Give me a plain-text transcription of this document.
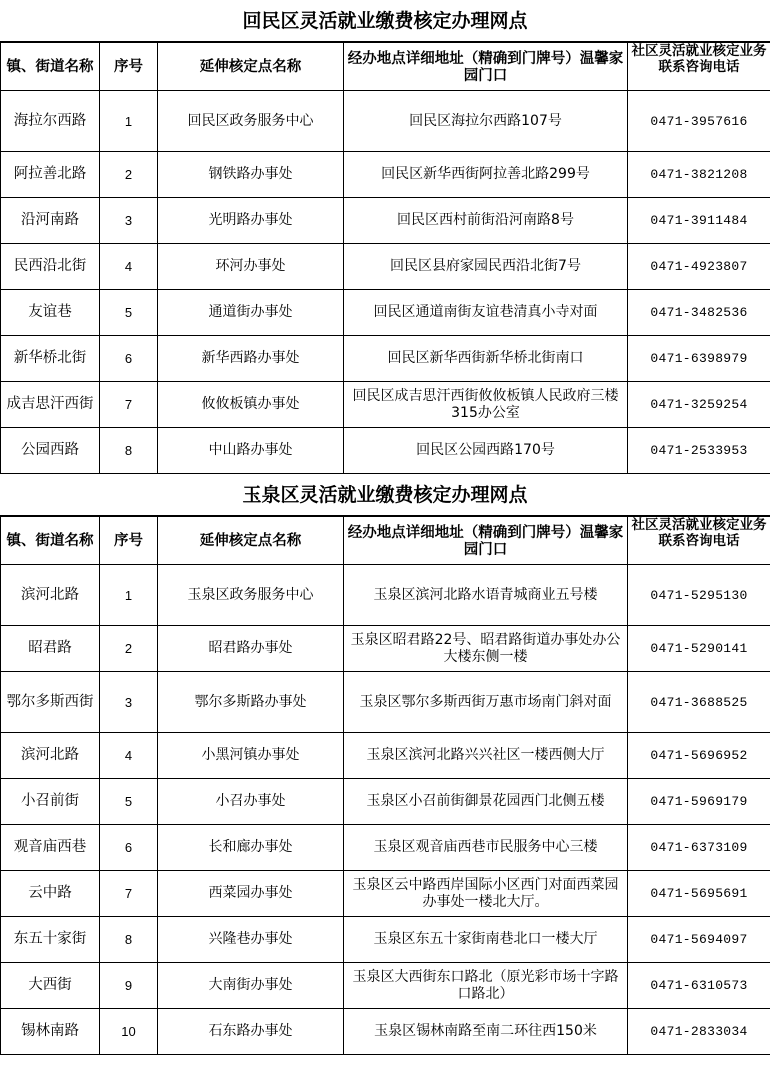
回民区灵活就业缴费核定办理网点
镇、街道名称	序号	延伸核定点名称	经办地点详细地址（精确到门牌号）温馨家园门口	社区灵活就业核定业务联系咨询电话

海拉尔西路	1	回民区政务服务中心	回民区海拉尔西路107号	0471-3957616
阿拉善北路	2	钢铁路办事处	回民区新华西街阿拉善北路299号	0471-3821208
沿河南路	3	光明路办事处	回民区西村前街沿河南路8号	0471-3911484
民西沿北街	4	环河办事处	回民区县府家园民西沿北街7号	0471-4923807
友谊巷	5	通道街办事处	回民区通道南街友谊巷清真小寺对面	0471-3482536
新华桥北街	6	新华西路办事处	回民区新华西街新华桥北街南口	0471-6398979
成吉思汗西街	7	攸攸板镇办事处	回民区成吉思汗西街攸攸板镇人民政府三楼315办公室	0471-3259254
公园西路	8	中山路办事处	回民区公园西路170号	0471-2533953
玉泉区灵活就业缴费核定办理网点
镇、街道名称	序号	延伸核定点名称	经办地点详细地址（精确到门牌号）温馨家园门口	社区灵活就业核定业务联系咨询电话

滨河北路	1	玉泉区政务服务中心	玉泉区滨河北路水语青城商业五号楼	0471-5295130
昭君路	2	昭君路办事处	玉泉区昭君路22号、昭君路街道办事处办公大楼东侧一楼	0471-5290141
鄂尔多斯西街	3	鄂尔多斯路办事处	玉泉区鄂尔多斯西街万惠市场南门斜对面	0471-3688525
滨河北路	4	小黑河镇办事处	玉泉区滨河北路兴兴社区一楼西侧大厅	0471-5696952
小召前街	5	小召办事处	玉泉区小召前街御景花园西门北侧五楼	0471-5969179
观音庙西巷	6	长和廊办事处	玉泉区观音庙西巷市民服务中心三楼	0471-6373109
云中路	7	西菜园办事处	玉泉区云中路西岸国际小区西门对面西菜园办事处一楼北大厅。	0471-5695691
东五十家街	8	兴隆巷办事处	玉泉区东五十家街南巷北口一楼大厅	0471-5694097
大西街	9	大南街办事处	玉泉区大西街东口路北（原光彩市场十字路口路北）	0471-6310573
锡林南路	10	石东路办事处	玉泉区锡林南路至南二环往西150米	0471-2833034
